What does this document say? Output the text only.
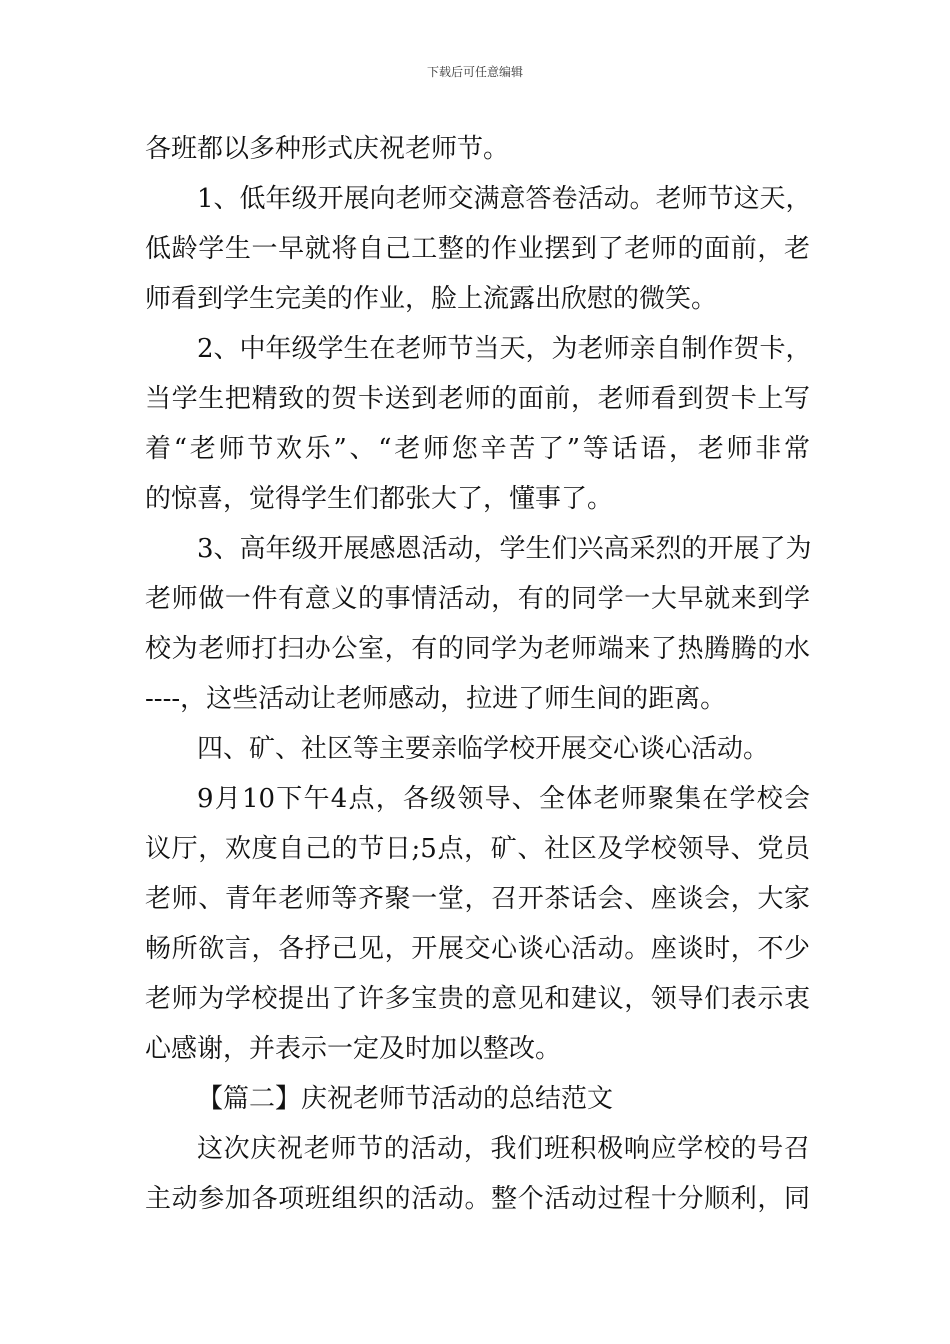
下载后可任意编辑
各班都以多种形式庆祝老师节。
1、低年级开展向老师交满意答卷活动。老师节这天，
低龄学生一早就将自己工整的作业摆到了老师的面前，老
师看到学生完美的作业，脸上流露出欣慰的微笑。
2、中年级学生在老师节当天，为老师亲自制作贺卡，
当学生把精致的贺卡送到老师的面前，老师看到贺卡上写
着“老师节欢乐”、“老师您辛苦了”等话语，老师非常
的惊喜，觉得学生们都张大了，懂事了。
3、高年级开展感恩活动，学生们兴高采烈的开展了为
老师做一件有意义的事情活动，有的同学一大早就来到学
校为老师打扫办公室，有的同学为老师端来了热腾腾的水
----，这些活动让老师感动，拉进了师生间的距离。
四、矿、社区等主要亲临学校开展交心谈心活动。
9月10下午4点，各级领导、全体老师聚集在学校会
议厅，欢度自己的节日;5点，矿、社区及学校领导、党员
老师、青年老师等齐聚一堂，召开茶话会、座谈会，大家
畅所欲言，各抒己见，开展交心谈心活动。座谈时，不少
老师为学校提出了许多宝贵的意见和建议，领导们表示衷
心感谢，并表示一定及时加以整改。
【篇二】庆祝老师节活动的总结范文
这次庆祝老师节的活动，我们班积极响应学校的号召
主动参加各项班组织的活动。整个活动过程十分顺利，同
